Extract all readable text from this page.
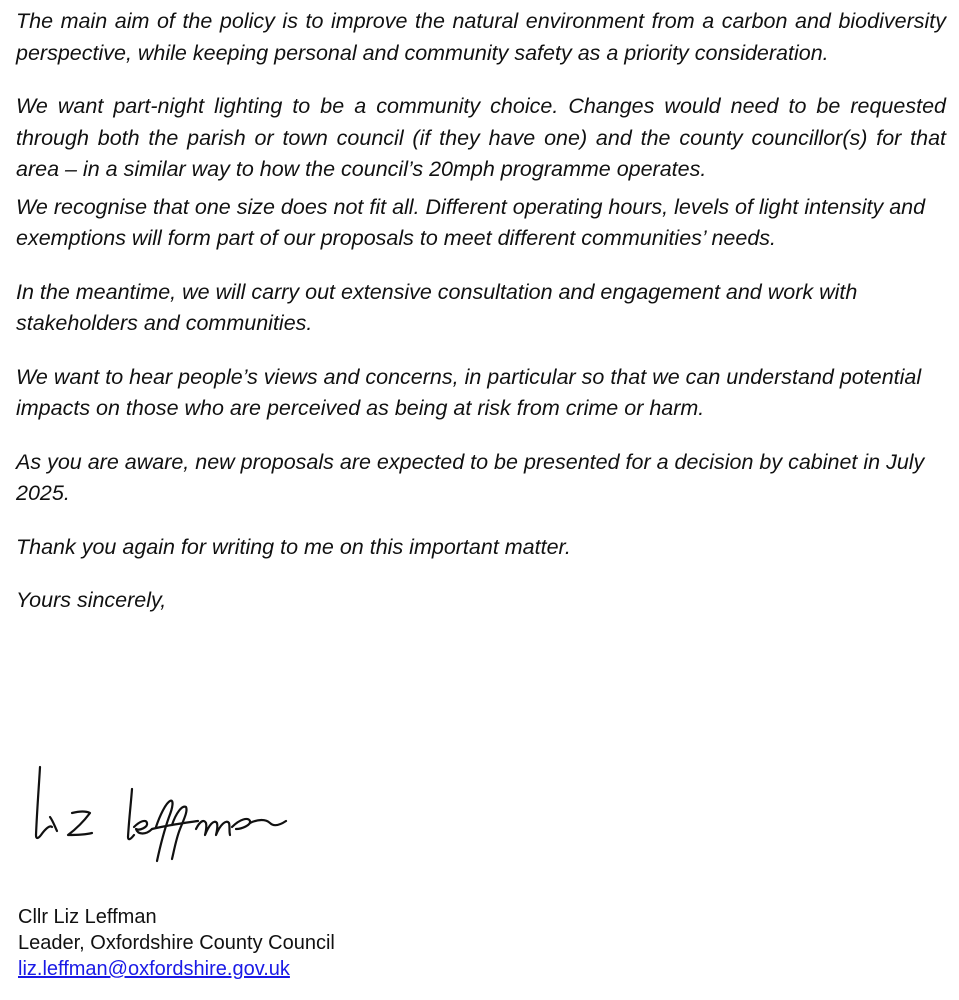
The main aim of the policy is to improve the natural environment from a carbon and biodiversity perspective, while keeping personal and community safety as a priority consideration.

We want part-night lighting to be a community choice. Changes would need to be requested through both the parish or town council (if they have one) and the county councillor(s) for that area – in a similar way to how the council’s 20mph programme operates.

We recognise that one size does not fit all. Different operating hours, levels of light intensity and exemptions will form part of our proposals to meet different communities’ needs.

In the meantime, we will carry out extensive consultation and engagement and work with stakeholders and communities.

We want to hear people’s views and concerns, in particular so that we can understand potential impacts on those who are perceived as being at risk from crime or harm.

As you are aware, new proposals are expected to be presented for a decision by cabinet in July 2025.

Thank you again for writing to me on this important matter.

Yours sincerely,

Cllr Liz Leffman
Leader, Oxfordshire County Council
liz.leffman@oxfordshire.gov.uk
